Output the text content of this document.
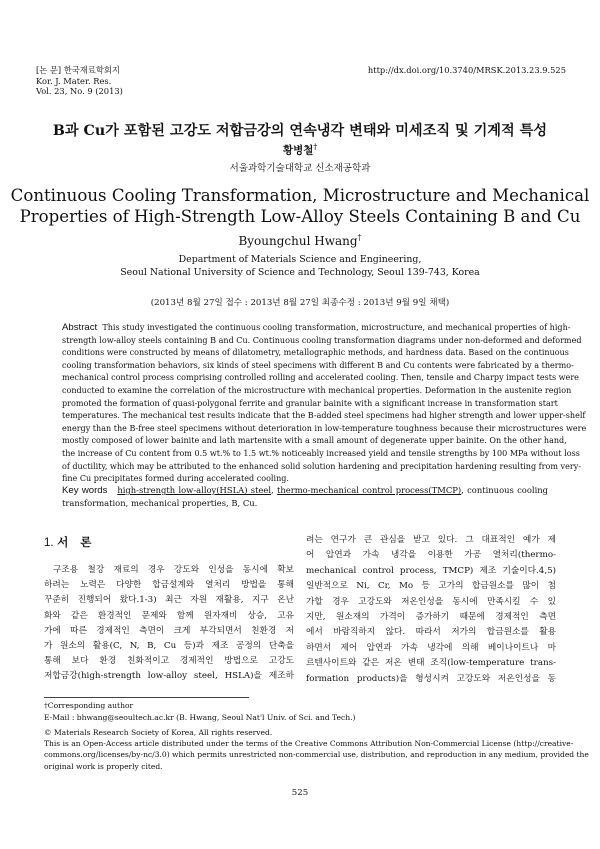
[논 문] 한국재료학회지
Kor. J. Mater. Res.
Vol. 23, No. 9 (2013)
http://dx.doi.org/10.3740/MRSK.2013.23.9.525
B과 Cu가 포함된 고강도 저합금강의 연속냉각 변태와 미세조직 및 기계적 특성
황병철†
서울과학기술대학교 신소재공학과
Continuous Cooling Transformation, Microstructure and Mechanical
Properties of High-Strength Low-Alloy Steels Containing B and Cu
Byoungchul Hwang†
Department of Materials Science and Engineering,
Seoul National University of Science and Technology, Seoul 139-743, Korea
(2013년 8월 27일 접수 : 2013년 8월 27일 최종수정 : 2013년 9월 9일 채택)
Abstract This study investigated the continuous cooling transformation, microstructure, and mechanical properties of high-
strength low-alloy steels containing B and Cu. Continuous cooling transformation diagrams under non-deformed and deformed
conditions were constructed by means of dilatometry, metallographic methods, and hardness data. Based on the continuous
cooling transformation behaviors, six kinds of steel specimens with different B and Cu contents were fabricated by a thermo-
mechanical control process comprising controlled rolling and accelerated cooling. Then, tensile and Charpy impact tests were
conducted to examine the correlation of the microstructure with mechanical properties. Deformation in the austenite region
promoted the formation of quasi-polygonal ferrite and granular bainite with a significant increase in transformation start
temperatures. The mechanical test results indicate that the B-added steel specimens had higher strength and lower upper-shelf
energy than the B-free steel specimens without deterioration in low-temperature toughness because their microstructures were
mostly composed of lower bainite and lath martensite with a small amount of degenerate upper bainite. On the other hand,
the increase of Cu content from 0.5 wt.% to 1.5 wt.% noticeably increased yield and tensile strengths by 100 MPa without loss
of ductility, which may be attributed to the enhanced solid solution hardening and precipitation hardening resulting from very-
fine Cu precipitates formed during accelerated cooling.
Key words high-strength low-alloy(HSLA) steel, thermo-mechanical control process(TMCP), continuous cooling
transformation, mechanical properties, B, Cu.
1. 서   론
구조용 철강 재료의 경우 강도와 인성을 동시에 확보
하려는 노력은 다양한 합금설계와 열처리 방법을 통해
꾸준히 진행되어 왔다.1-3) 최근 자원 재활용, 지구 온난
화와 같은 환경적인 문제와 함께 원자재비 상승, 고유
가에 따른 경제적인 측면이 크게 부각되면서 친환경 저
가 원소의 활용(C, N, B, Cu 등)과 제조 공정의 단축을
통해 보다 환경 친화적이고 경제적인 방법으로 고강도
저합금강(high-strength low-alloy steel, HSLA)을 제조하
려는 연구가 큰 관심을 받고 있다. 그 대표적인 예가 제
어 압연과 가속 냉각을 이용한 가공 열처리(thermo-
mechanical control process, TMCP) 제조 기술이다.4,5)
일반적으로 Ni, Cr, Mo 등 고가의 합금원소를 많이 첨
가할 경우 고강도와 저온인성을 동시에 만족시킬 수 있
지만, 원소재의 가격이 증가하기 때문에 경제적인 측면
에서 바람직하지 않다. 따라서 저가의 합금원소를 활용
하면서 제어 압연과 가속 냉각에 의해 베이나이트나 마
르텐사이트와 같은 저온 변태 조직(low-temperature trans-
formation products)을 형성시켜 고강도와 저온인성을 동
†Corresponding author
E-Mail : bhwang@seoultech.ac.kr (B. Hwang, Seoul Nat'l Univ. of Sci. and Tech.)
© Materials Research Society of Korea, All rights reserved.
This is an Open-Access article distributed under the terms of the Creative Commons Attribution Non-Commercial License (http://creative-
commons.org/licenses/by-nc/3.0) which permits unrestricted non-commercial use, distribution, and reproduction in any medium, provided the
original work is properly cited.
525
